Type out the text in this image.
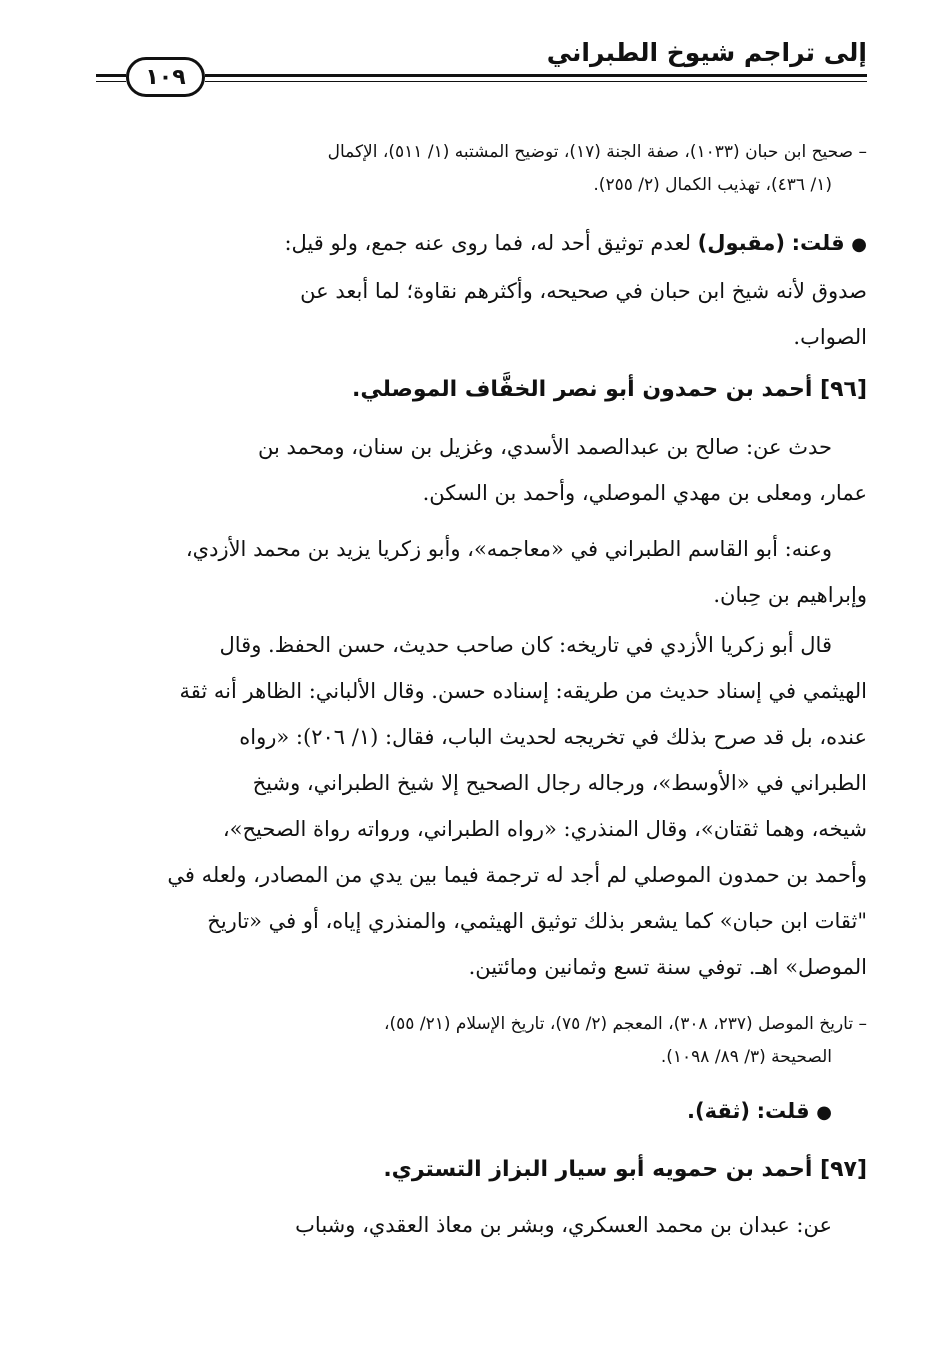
إلى تراجم شيوخ الطبراني
١٠٩
– صحيح ابن حبان (١٠٣٣)، صفة الجنة (١٧)، توضيح المشتبه (١/ ٥١١)، الإكمال
(١/ ٤٣٦)، تهذيب الكمال (٢/ ٢٥٥).
● قلت: (مقبول) لعدم توثيق أحد له، فما روى عنه جمع، ولو قيل:
صدوق لأنه شيخ ابن حبان في صحيحه، وأكثرهم نقاوة؛ لما أبعد عن
الصواب.
[٩٦] أحمد بن حمدون أبو نصر الخفَّاف الموصلي.
حدث عن: صالح بن عبدالصمد الأسدي، وغزيل بن سنان، ومحمد بن
عمار، ومعلى بن مهدي الموصلي، وأحمد بن السكن.
وعنه: أبو القاسم الطبراني في «معاجمه»، وأبو زكريا يزيد بن محمد الأزدي،
وإبراهيم بن حِبان.
قال أبو زكريا الأزدي في تاريخه: كان صاحب حديث، حسن الحفظ. وقال
الهيثمي في إسناد حديث من طريقه: إسناده حسن. وقال الألباني: الظاهر أنه ثقة
عنده، بل قد صرح بذلك في تخريجه لحديث الباب، فقال: (١/ ٢٠٦): «رواه
الطبراني في «الأوسط»، ورجاله رجال الصحيح إلا شيخ الطبراني، وشيخ
شيخه، وهما ثقتان»، وقال المنذري: «رواه الطبراني، ورواته رواة الصحيح»،
وأحمد بن حمدون الموصلي لم أجد له ترجمة فيما بين يدي من المصادر، ولعله في
"ثقات ابن حبان» كما يشعر بذلك توثيق الهيثمي، والمنذري إياه، أو في «تاريخ
الموصل» اهـ. توفي سنة تسع وثمانين ومائتين.
– تاريخ الموصل (٢٣٧، ٣٠٨)، المعجم (٢/ ٧٥)، تاريخ الإسلام (٢١/ ٥٥)،
الصحيحة (٣/ ٨٩/ ١٠٩٨).
● قلت: (ثقة).
[٩٧] أحمد بن حمويه أبو سيار البزاز التستري.
عن: عبدان بن محمد العسكري، وبشر بن معاذ العقدي، وشباب
